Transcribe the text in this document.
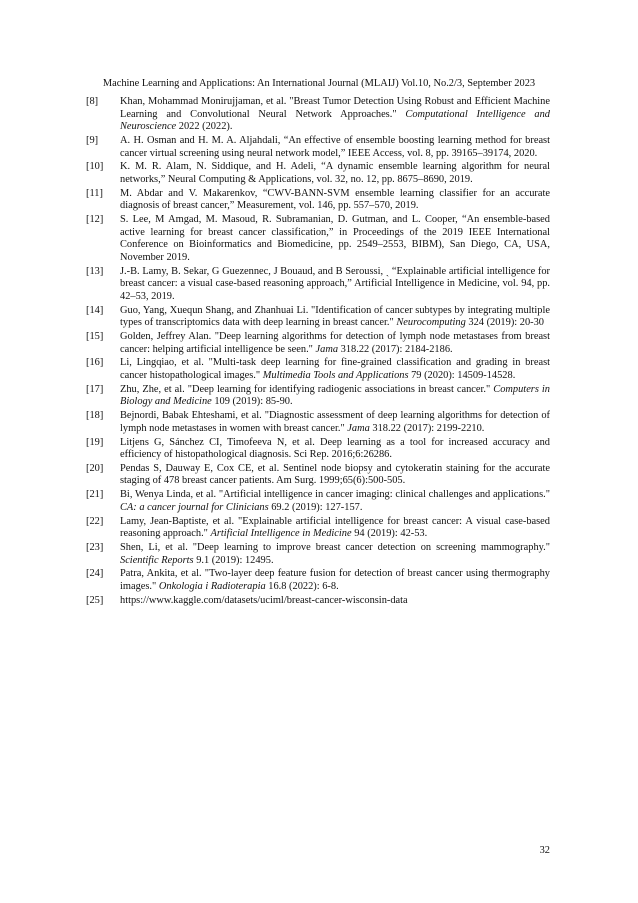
Machine Learning and Applications: An International Journal (MLAIJ) Vol.10, No.2/3, September 2023
[8] Khan, Mohammad Monirujjaman, et al. "Breast Tumor Detection Using Robust and Efficient Machine Learning and Convolutional Neural Network Approaches." Computational Intelligence and Neuroscience 2022 (2022).
[9] A. H. Osman and H. M. A. Aljahdali, “An effective of ensemble boosting learning method for breast cancer virtual screening using neural network model,” IEEE Access, vol. 8, pp. 39165–39174, 2020.
[10] K. M. R. Alam, N. Siddique, and H. Adeli, “A dynamic ensemble learning algorithm for neural networks,” Neural Computing & Applications, vol. 32, no. 12, pp. 8675–8690, 2019.
[11] M. Abdar and V. Makarenkov, “CWV-BANN-SVM ensemble learning classifier for an accurate diagnosis of breast cancer,” Measurement, vol. 146, pp. 557–570, 2019.
[12] S. Lee, M Amgad, M. Masoud, R. Subramanian, D. Gutman, and L. Cooper, “An ensemble-based active learning for breast cancer classification,” in Proceedings of the 2019 IEEE International Conference on Bioinformatics and Biomedicine, pp. 2549–2553, BIBM), San Diego, CA, USA, November 2019.
[13] J.-B. Lamy, B. Sekar, G Guezennec, J Bouaud, and B Seroussi, ˎ “Explainable artificial intelligence for breast cancer: a visual case-based reasoning approach,” Artificial Intelligence in Medicine, vol. 94, pp. 42–53, 2019.
[14] Guo, Yang, Xuequn Shang, and Zhanhuai Li. "Identification of cancer subtypes by integrating multiple types of transcriptomics data with deep learning in breast cancer." Neurocomputing 324 (2019): 20-30
[15] Golden, Jeffrey Alan. "Deep learning algorithms for detection of lymph node metastases from breast cancer: helping artificial intelligence be seen." Jama 318.22 (2017): 2184-2186.
[16] Li, Lingqiao, et al. "Multi-task deep learning for fine-grained classification and grading in breast cancer histopathological images." Multimedia Tools and Applications 79 (2020): 14509-14528.
[17] Zhu, Zhe, et al. "Deep learning for identifying radiogenic associations in breast cancer." Computers in Biology and Medicine 109 (2019): 85-90.
[18] Bejnordi, Babak Ehteshami, et al. "Diagnostic assessment of deep learning algorithms for detection of lymph node metastases in women with breast cancer." Jama 318.22 (2017): 2199-2210.
[19] Litjens G, Sánchez CI, Timofeeva N, et al. Deep learning as a tool for increased accuracy and efficiency of histopathological diagnosis. Sci Rep. 2016;6:26286.
[20] Pendas S, Dauway E, Cox CE, et al. Sentinel node biopsy and cytokeratin staining for the accurate staging of 478 breast cancer patients. Am Surg. 1999;65(6):500-505.
[21] Bi, Wenya Linda, et al. "Artificial intelligence in cancer imaging: clinical challenges and applications." CA: a cancer journal for Clinicians 69.2 (2019): 127-157.
[22] Lamy, Jean-Baptiste, et al. "Explainable artificial intelligence for breast cancer: A visual case-based reasoning approach." Artificial Intelligence in Medicine 94 (2019): 42-53.
[23] Shen, Li, et al. "Deep learning to improve breast cancer detection on screening mammography." Scientific Reports 9.1 (2019): 12495.
[24] Patra, Ankita, et al. "Two-layer deep feature fusion for detection of breast cancer using thermography images." Onkologia i Radioterapia 16.8 (2022): 6-8.
[25] https://www.kaggle.com/datasets/uciml/breast-cancer-wisconsin-data
32
